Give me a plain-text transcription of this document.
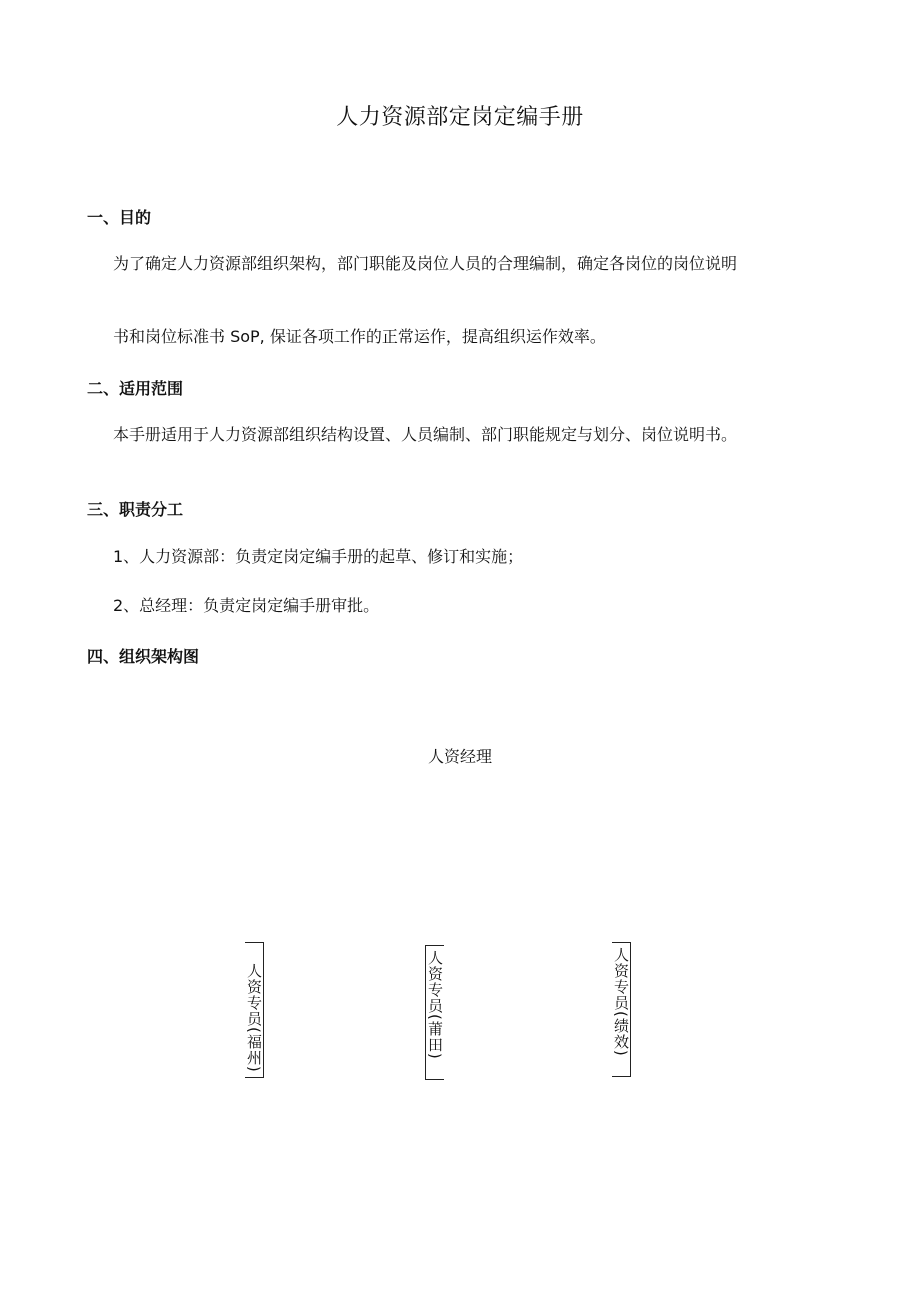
人力资源部定岗定编手册
一、目的
为了确定人力资源部组织架构，部门职能及岗位人员的合理编制，确定各岗位的岗位说明
书和岗位标准书 SoP, 保证各项工作的正常运作，提高组织运作效率。
二、适用范围
本手册适用于人力资源部组织结构设置、人员编制、部门职能规定与划分、岗位说明书。
三、职责分工
1、人力资源部：负责定岗定编手册的起草、修订和实施；
2、总经理：负责定岗定编手册审批。
四、组织架构图
人资经理
人资专员(福州)	人资专员(莆田)	人资专员(绩效)
